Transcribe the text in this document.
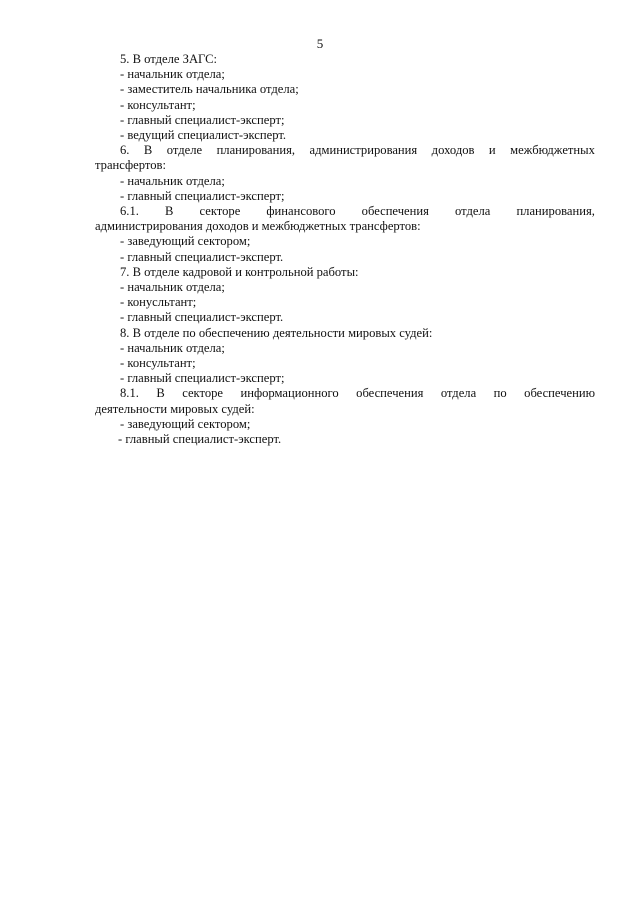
5
5. В отделе ЗАГС:
- начальник отдела;
- заместитель начальника отдела;
- консультант;
- главный специалист-эксперт;
- ведущий специалист-эксперт.
6. В отделе планирования, администрирования доходов и межбюджетных
трансфертов:
- начальник отдела;
- главный специалист-эксперт;
6.1. В секторе финансового обеспечения отдела планирования,
администрирования доходов и межбюджетных трансфертов:
- заведующий сектором;
- главный специалист-эксперт.
7. В отделе кадровой и контрольной работы:
- начальник отдела;
- конусльтант;
- главный специалист-эксперт.
8. В отделе по обеспечению деятельности мировых судей:
- начальник отдела;
- консультант;
- главный специалист-эксперт;
8.1. В секторе информационного обеспечения отдела по обеспечению
деятельности мировых судей:
- заведующий сектором;
- главный специалист-эксперт.
